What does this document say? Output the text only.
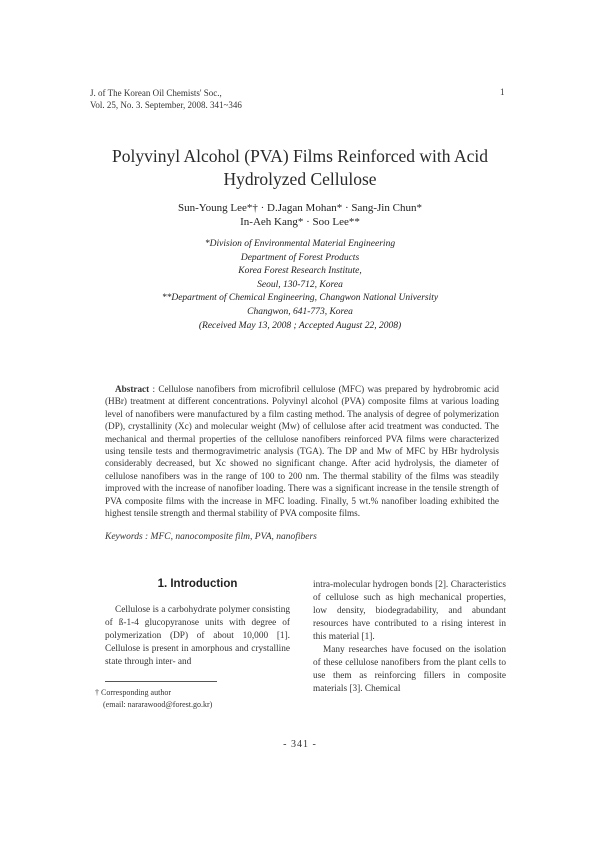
J. of The Korean Oil Chemists' Soc.,
Vol. 25, No. 3. September, 2008. 341~346
1
Polyvinyl Alcohol (PVA) Films Reinforced with Acid
Hydrolyzed Cellulose
Sun-Young Lee*† · D.Jagan Mohan* · Sang-Jin Chun*
In-Aeh Kang* · Soo Lee**
*Division of Environmental Material Engineering
Department of Forest Products
Korea Forest Research Institute,
Seoul, 130-712, Korea
**Department of Chemical Engineering, Changwon National University
Changwon, 641-773, Korea
(Received May 13, 2008 ; Accepted August 22, 2008)

Abstract : Cellulose nanofibers from microfibril cellulose (MFC) was prepared by hydrobromic acid (HBr) treatment at different concentrations. Polyvinyl alcohol (PVA) composite films at various loading level of nanofibers were manufactured by a film casting method. The analysis of degree of polymerization (DP), crystallinity (Xc) and molecular weight (Mw) of cellulose after acid treatment was conducted. The mechanical and thermal properties of the cellulose nanofibers reinforced PVA films were characterized using tensile tests and thermogravimetric analysis (TGA). The DP and Mw of MFC by HBr hydrolysis considerably decreased, but Xc showed no significant change. After acid hydrolysis, the diameter of cellulose nanofibers was in the range of 100 to 200 nm. The thermal stability of the films was steadily improved with the increase of nanofiber loading. There was a significant increase in the tensile strength of PVA composite films with the increase in MFC loading. Finally, 5 wt.% nanofiber loading exhibited the highest tensile strength and thermal stability of PVA composite films.

Keywords : MFC, nanocomposite film, PVA, nanofibers
1. Introduction

Cellulose is a carbohydrate polymer consisting of ß-1-4 glucopyranose units with degree of polymerization (DP) of about 10,000 [1]. Cellulose is present in amorphous and crystalline state through inter- and

intra-molecular hydrogen bonds [2]. Characteristics of cellulose such as high mechanical properties, low density, biodegradability, and abundant resources have contributed to a rising interest in this material [1].

Many researches have focused on the isolation of these cellulose nanofibers from the plant cells to use them as reinforcing fillers in composite materials [3]. Chemical

† Corresponding author
(email: nararawood@forest.go.kr)
- 341 -
